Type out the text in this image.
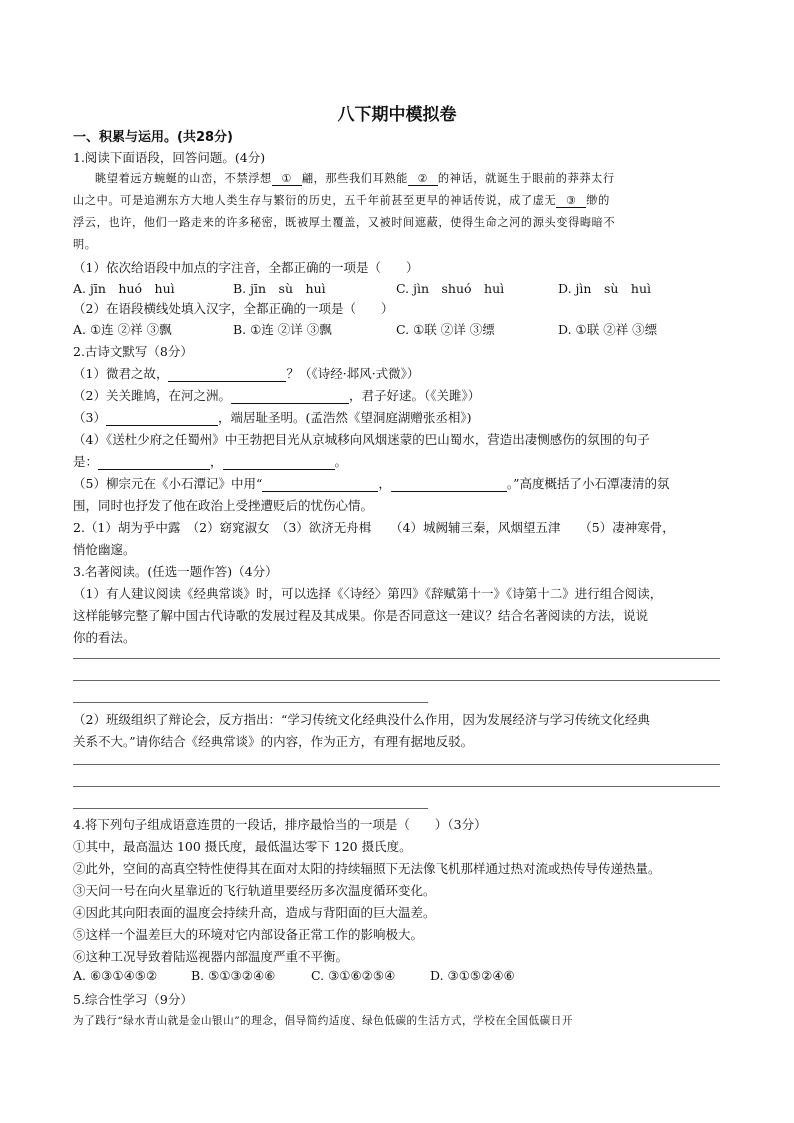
八下期中模拟卷
一、积累与运用。(共28分)
1.阅读下面语段，回答问题。(4分)
眺望着远方蜿蜒的山峦，不禁浮想 ① 翩，那些我们耳熟能 ② 的神话，就诞生于眼前的莽莽太行
山之中。可是追溯东方大地人类生存与繁衍的历史，五千年前甚至更早的神话传说，成了虚无 ③ 缈的
浮云，也许，他们一路走来的许多秘密，既被厚土覆盖，又被时间遮蔽，使得生命之河的源头变得晦暗不
明。
（1）依次给语段中加点的字注音，全都正确的一项是（　　）
A. jīn　huó　huì	B. jīn　sù　huì	C. jìn　shuó　huì	D. jìn　sù　huì
（2）在语段横线处填入汉字，全都正确的一项是（　　）
A. ①连 ②祥 ③飘	B. ①连 ②详 ③飘	C. ①联 ②详 ③缥	D. ①联 ②祥 ③缥
2.古诗文默写（8分）
（1）微君之故，	？（《诗经·邶风·式微》）
（2）关关雎鸠，在河之洲。	，君子好逑。（《关雎》）
（3）	，端居耻圣明。(孟浩然《望洞庭湖赠张丞相》)
（4）《送杜少府之任蜀州》中王勃把目光从京城移向风烟迷蒙的巴山蜀水，营造出凄恻感伤的氛围的句子
是：	，	。
（5）柳宗元在《小石潭记》中用“	，	。”高度概括了小石潭凄清的氛
围，同时也抒发了他在政治上受挫遭贬后的忧伤心情。
2.（1）胡为乎中露　（2）窈窕淑女　（3）欲济无舟楫　　（4）城阙辅三秦，风烟望五津　　（5）凄神寒骨，
悄怆幽邃。
3.名著阅读。(任选一题作答)（4分）
（1）有人建议阅读《经典常谈》时，可以选择《〈诗经〉第四》《辞赋第十一》《诗第十二》进行组合阅读，
这样能够完整了解中国古代诗歌的发展过程及其成果。你是否同意这一建议？结合名著阅读的方法，说说
你的看法。
（2）班级组织了辩论会，反方指出：“学习传统文化经典没什么作用，因为发展经济与学习传统文化经典
关系不大。”请你结合《经典常谈》的内容，作为正方，有理有据地反驳。
4.将下列句子组成语意连贯的一段话，排序最恰当的一项是（　　）（3分）
①其中，最高温达 100 摄氏度，最低温达零下 120 摄氏度。
②此外，空间的高真空特性使得其在面对太阳的持续辐照下无法像飞机那样通过热对流或热传导传递热量。
③天问一号在向火星靠近的飞行轨道里要经历多次温度循环变化。
④因此其向阳表面的温度会持续升高，造成与背阳面的巨大温差。
⑤这样一个温差巨大的环境对它内部设备正常工作的影响极大。
⑥这种工况导致着陆巡视器内部温度严重不平衡。
A. ⑥③①④⑤②	B. ⑤①③②④⑥	C. ③①⑥②⑤④	D. ③①⑤②④⑥
5.综合性学习（9分）
为了践行“绿水青山就是金山银山”的理念，倡导简约适度、绿色低碳的生活方式，学校在全国低碳日开
